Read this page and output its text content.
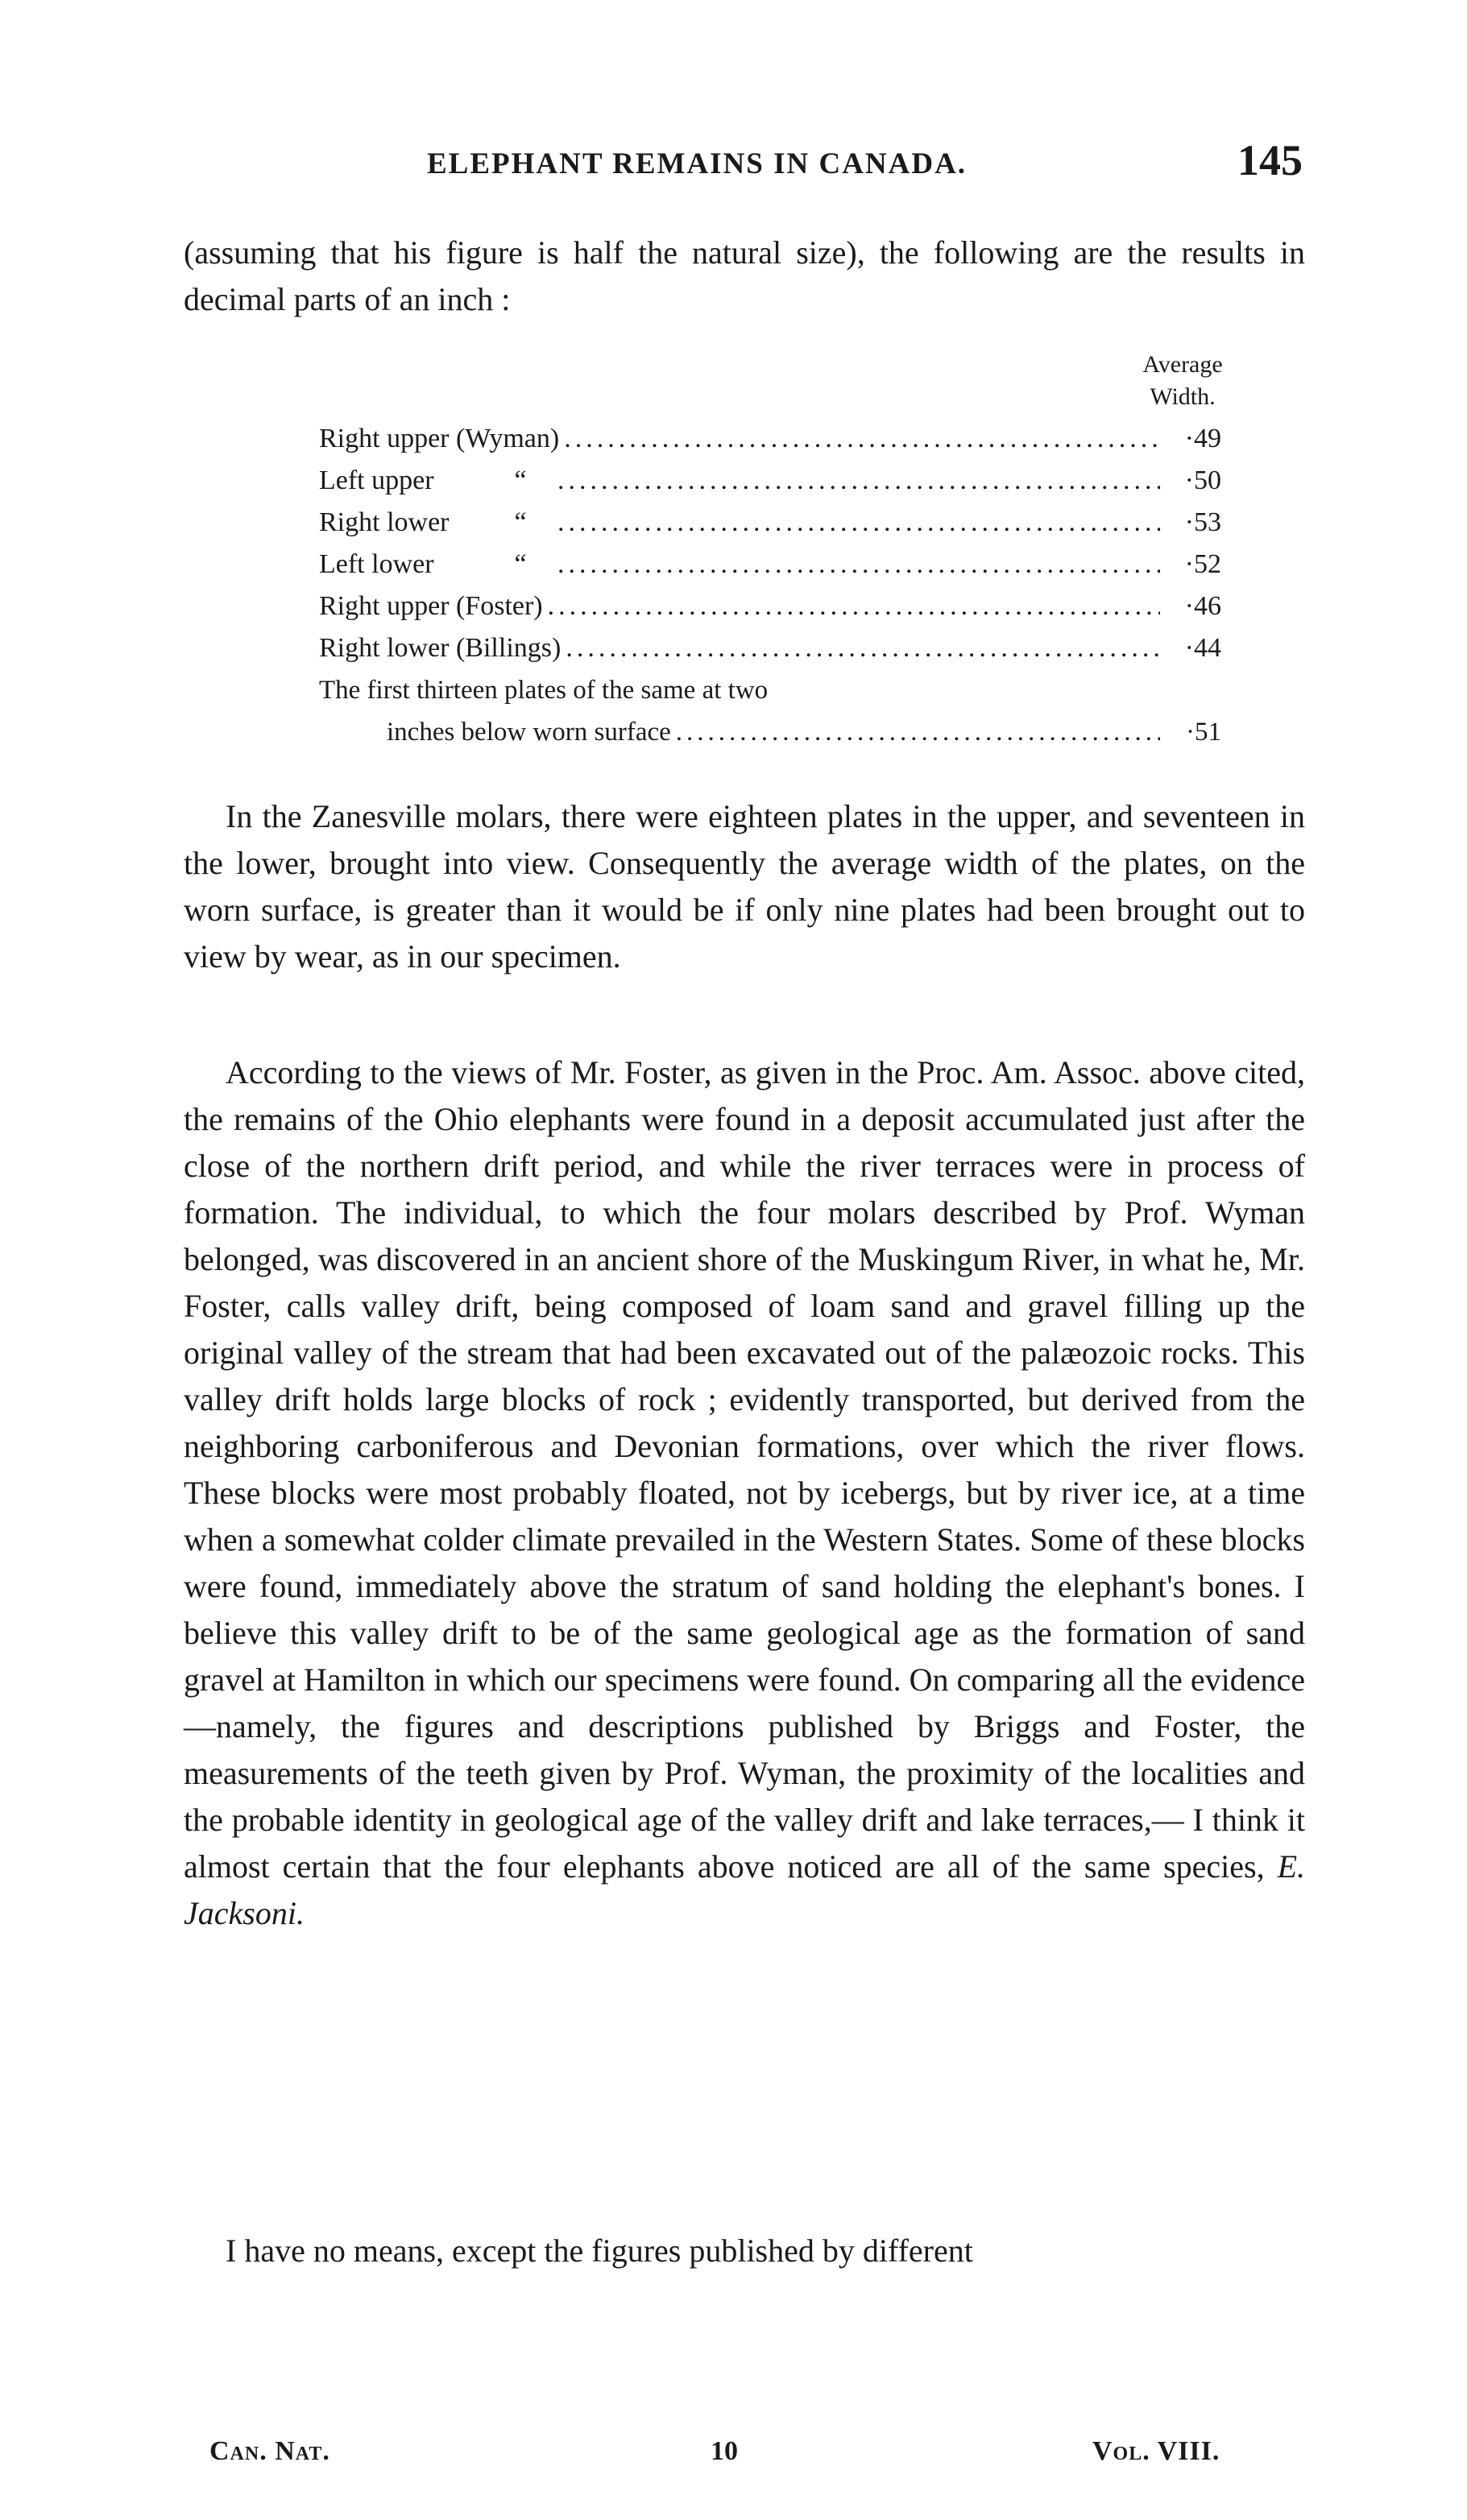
ELEPHANT REMAINS IN CANADA.	145
(assuming that his figure is half the natural size), the following are the results in decimal parts of an inch :
Average Width.
Right upper (Wyman) .....	·49
Left upper	“ .....	·50
Right lower	“ .....	·53
Left lower	“ .....	·52
Right upper (Foster) .....	·46
Right lower (Billings) .....	·44
The first thirteen plates of the same at two
inches below worn surface .....	·51
In the Zanesville molars, there were eighteen plates in the upper, and seventeen in the lower, brought into view. Consequently the average width of the plates, on the worn surface, is greater than it would be if only nine plates had been brought out to view by wear, as in our specimen.
According to the views of Mr. Foster, as given in the Proc. Am. Assoc. above cited, the remains of the Ohio elephants were found in a deposit accumulated just after the close of the northern drift period, and while the river terraces were in process of formation. The individual, to which the four molars described by Prof. Wyman belonged, was discovered in an ancient shore of the Muskingum River, in what he, Mr. Foster, calls valley drift, being composed of loam sand and gravel filling up the original valley of the stream that had been excavated out of the palæozoic rocks. This valley drift holds large blocks of rock ; evidently transported, but derived from the neighboring carboniferous and Devonian formations, over which the river flows. These blocks were most probably floated, not by icebergs, but by river ice, at a time when a somewhat colder climate prevailed in the Western States. Some of these blocks were found, immediately above the stratum of sand holding the elephant's bones. I believe this valley drift to be of the same geological age as the formation of sand gravel at Hamilton in which our specimens were found. On comparing all the evidence—namely, the figures and descriptions published by Briggs and Foster, the measurements of the teeth given by Prof. Wyman, the proximity of the localities and the probable identity in geological age of the valley drift and lake terraces,— I think it almost certain that the four elephants above noticed are all of the same species, E. Jacksoni.
I have no means, except the figures published by different
Can. Nat.	10	Vol. VIII.
